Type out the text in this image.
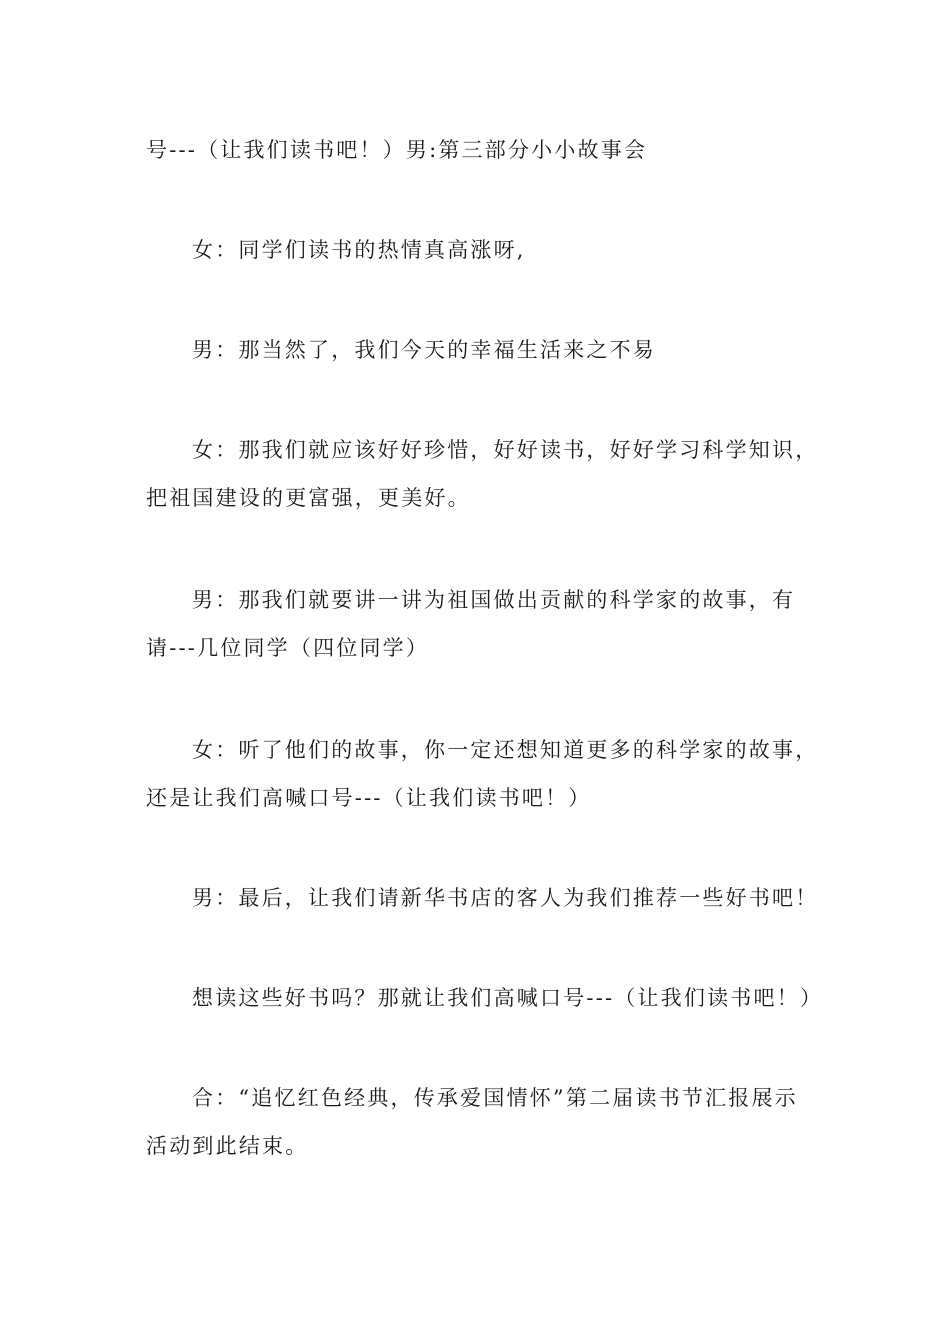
号---（让我们读书吧！）男:第三部分小小故事会
女：同学们读书的热情真高涨呀,
男：那当然了，我们今天的幸福生活来之不易
女：那我们就应该好好珍惜，好好读书，好好学习科学知识，
把祖国建设的更富强，更美好。
男：那我们就要讲一讲为祖国做出贡献的科学家的故事，有
请---几位同学（四位同学）
女：听了他们的故事，你一定还想知道更多的科学家的故事，
还是让我们高喊口号---（让我们读书吧！）
男：最后，让我们请新华书店的客人为我们推荐一些好书吧！
想读这些好书吗？那就让我们高喊口号---（让我们读书吧！）
合：“追忆红色经典，传承爱国情怀”第二届读书节汇报展示
活动到此结束。
